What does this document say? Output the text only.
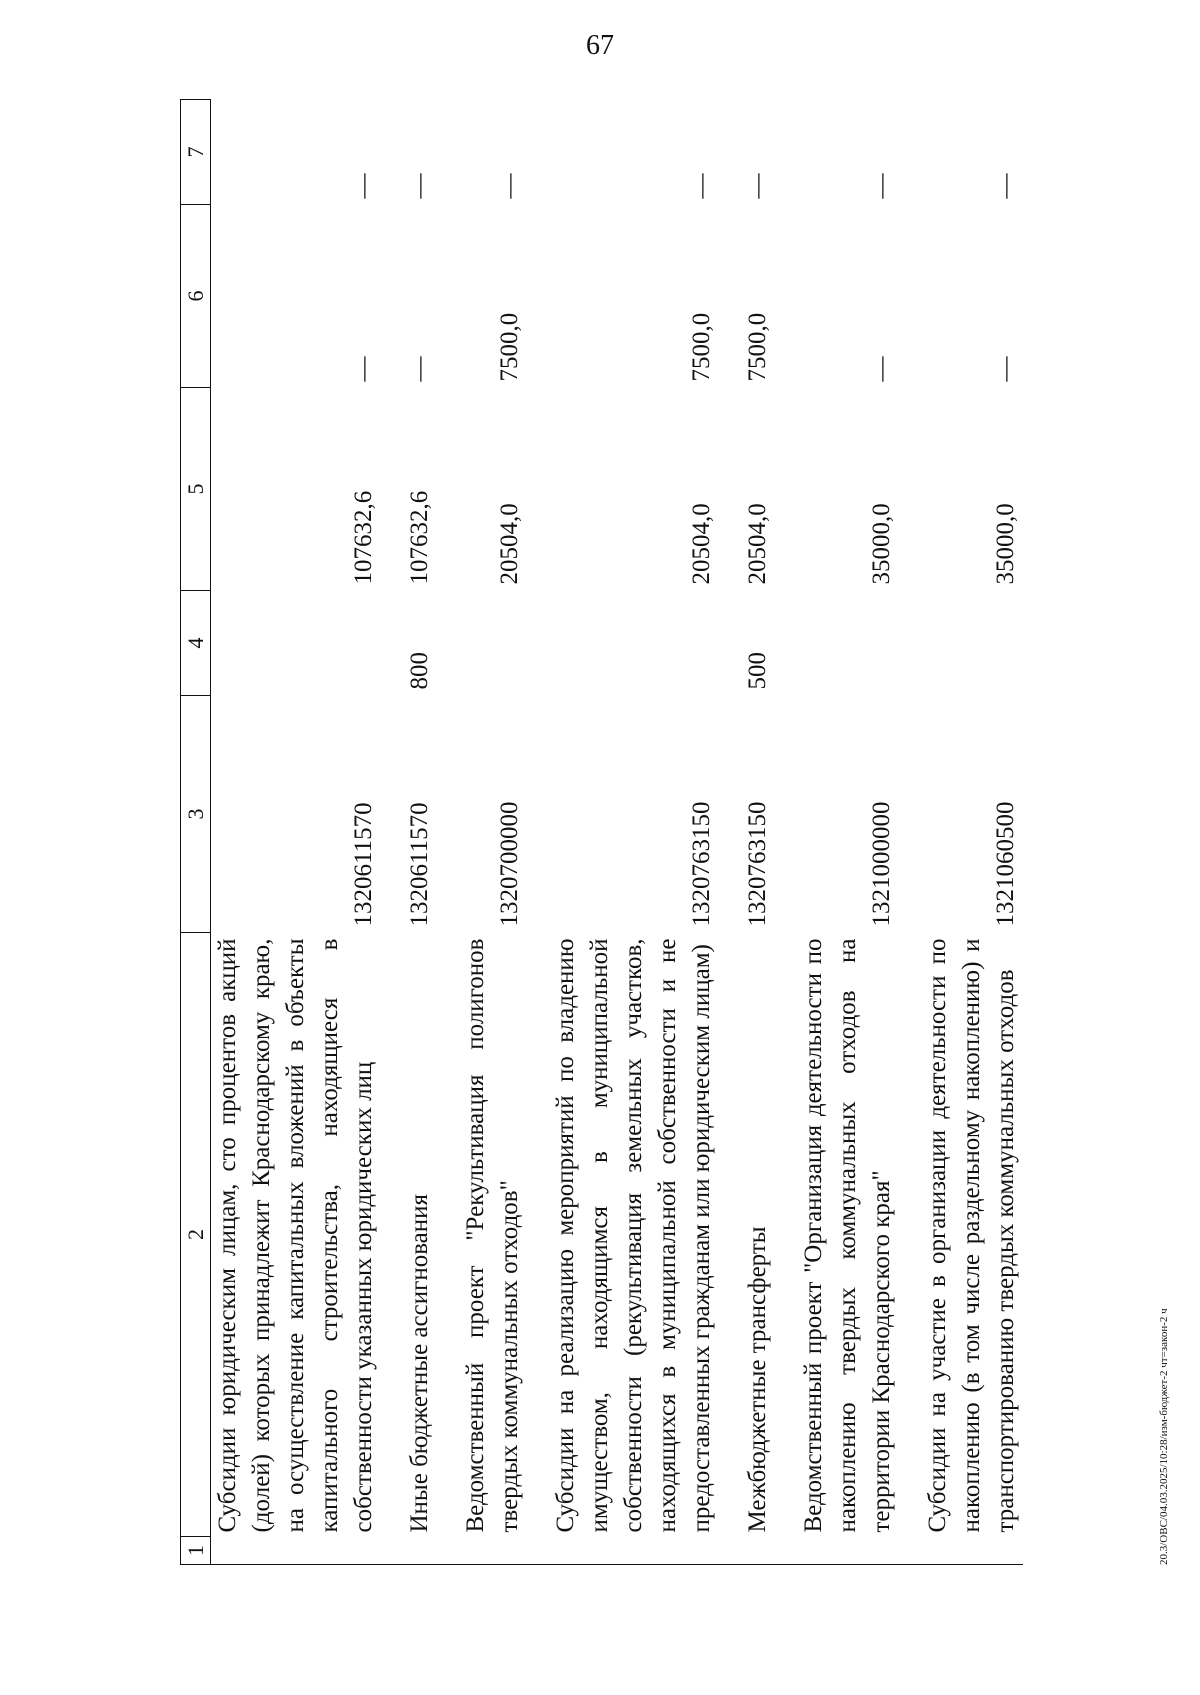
67
1	2	3	4	5	6	7
	Субсидии юридическим лицам, сто процентов акций (долей) которых принадлежит Краснодарскому краю, на осуществление капитальных вложений в объекты капитального строительства, находящиеся в собственности указанных юридических лиц	1320611570		107632,6	—	—

	Иные бюджетные ассигнования	1320611570	800	107632,6	—	—

	Ведомственный проект "Рекультивация полигонов твердых коммунальных отходов"	1320700000		20504,0	7500,0	—

	Субсидии на реализацию мероприятий по владению имуществом, находящимся в муниципальной собственности (рекультивация земельных участков, находящихся в муниципальной собственности и не предоставленных гражданам или юридическим лицам)	1320763150		20504,0	7500,0	—

	Межбюджетные трансферты	1320763150	500	20504,0	7500,0	—

	Ведомственный проект "Организация деятельности по накоплению твердых коммунальных отходов на территории Краснодарского края"	1321000000		35000,0	—	—

	Субсидии на участие в организации деятельности по накоплению (в том числе раздельному накоплению) и транспортированию твердых коммунальных отходов	1321060500		35000,0	—	—
20.3/ОВС/04.03.2025/10:28/изм-бюджет-2 чт=закон-2 ч
